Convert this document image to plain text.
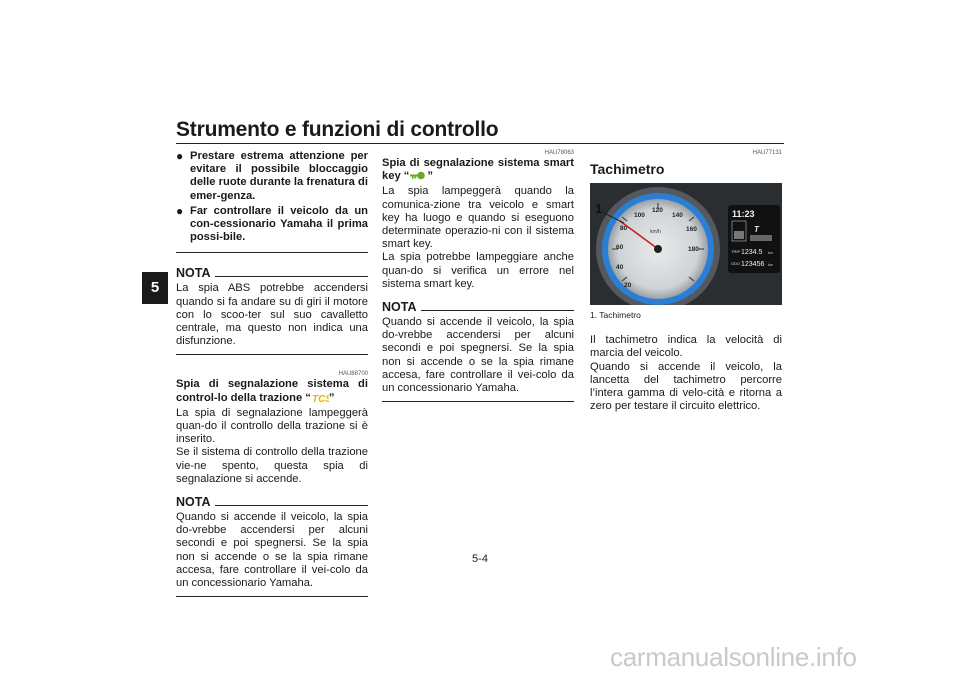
Strumento e funzioni di controllo
5
● Prestare estrema attenzione per evitare il possibile bloccaggio delle ruote durante la frenatura di emer-genza.
● Far controllare il veicolo da un con-cessionario Yamaha il prima possi-bile.
NOTA

La spia ABS potrebbe accendersi quando si fa andare su di giri il motore con lo scoo-ter sul suo cavalletto centrale, ma questo non indica una disfunzione.

HAU88700
Spia di segnalazione sistema di control-lo della trazione “ TC ”

La spia di segnalazione lampeggerà quan-do il controllo della trazione si è inserito.

Se il sistema di controllo della trazione vie-ne spento, questa spia di segnalazione si accende.

NOTA

Quando si accende il veicolo, la spia do-vrebbe accendersi per alcuni secondi e poi spegnersi. Se la spia non si accende o se la spia rimane accesa, fare controllare il vei-colo da un concessionario Yamaha.

HAU78063
Spia di segnalazione sistema smart key “ ”

La spia lampeggerà quando la comunica-zione tra veicolo e smart key ha luogo e quando si eseguono determinate operazio-ni con il sistema smart key.

La spia potrebbe lampeggiare anche quan-do si verifica un errore nel sistema smart key.

NOTA

Quando si accende il veicolo, la spia do-vrebbe accendersi per alcuni secondi e poi spegnersi. Se la spia non si accende o se la spia rimane accesa, fare controllare il vei-colo da un concessionario Yamaha.

HAU77131
Tachimetro
20
40
60
80
100
120
140
160
180
km/h
1	11:23
T
TRIP 1234.5 km
ODO 123456 km
1. Tachimetro

Il tachimetro indica la velocità di marcia del veicolo.

Quando si accende il veicolo, la lancetta del tachimetro percorre l’intera gamma di velo-cità e ritorna a zero per testare il circuito elettrico.

5-4
carmanualsonline.info
